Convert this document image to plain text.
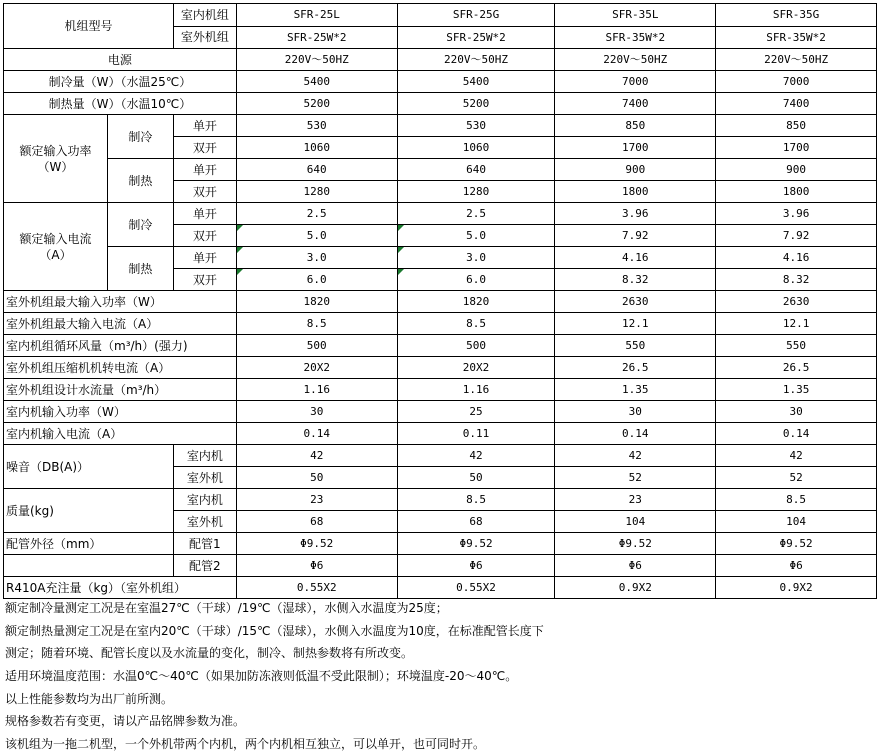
机组型号		室内机组	SFR-25L	SFR-25G	SFR-35L	SFR-35G
		室外机组	SFR-25W*2	SFR-25W*2	SFR-35W*2	SFR-35W*2
电源			220V～50HZ	220V～50HZ	220V～50HZ	220V～50HZ
制冷量（W）（水温25℃）			5400	5400	7000	7000
制热量（W）（水温10℃）			5200	5200	7400	7400

额定输入功率
（W）	制冷	单开	530	530	850	850
		双开	1060	1060	1700	1700
	制热	单开	640	640	900	900
		双开	1280	1280	1800	1800

额定输入电流
（A）	制冷	单开	2.5	2.5	3.96	3.96
		双开	5.0	5.0	7.92	7.92
	制热	单开	3.0	3.0	4.16	4.16
		双开	6.0	6.0	8.32	8.32
室外机组最大输入功率（W）			1820	1820	2630	2630
室外机组最大输入电流（A）			8.5	8.5	12.1	12.1
室内机组循环风量（m³/h）(强力)			500	500	550	550
室外机组压缩机机转电流（A）			20X2	20X2	26.5	26.5
室外机组设计水流量（m³/h）			1.16	1.16	1.35	1.35
室内机输入功率（W）			30	25	30	30
室内机输入电流（A）			0.14	0.11	0.14	0.14
噪音（DB(A)）		室内机	42	42	42	42
		室外机	50	50	52	52
质量(kg)		室内机	23	8.5	23	8.5
		室外机	68	68	104	104
配管外径（mm）		配管1	Φ9.52	Φ9.52	Φ9.52	Φ9.52
		配管2	Φ6	Φ6	Φ6	Φ6
R410A充注量（kg）（室外机组）			0.55X2	0.55X2	0.9X2	0.9X2
额定制冷量测定工况是在室温27℃（干球）/19℃（湿球），水侧入水温度为25度；
额定制热量测定工况是在室内20℃（干球）/15℃（湿球），水侧入水温度为10度，在标准配管长度下
测定；随着环境、配管长度以及水流量的变化，制冷、制热参数将有所改变。
适用环境温度范围：水温0℃～40℃（如果加防冻液则低温不受此限制）；环境温度-20～40℃。
以上性能参数均为出厂前所测。
规格参数若有变更，请以产品铭牌参数为准。
该机组为一拖二机型，一个外机带两个内机，两个内机相互独立，可以单开，也可同时开。
